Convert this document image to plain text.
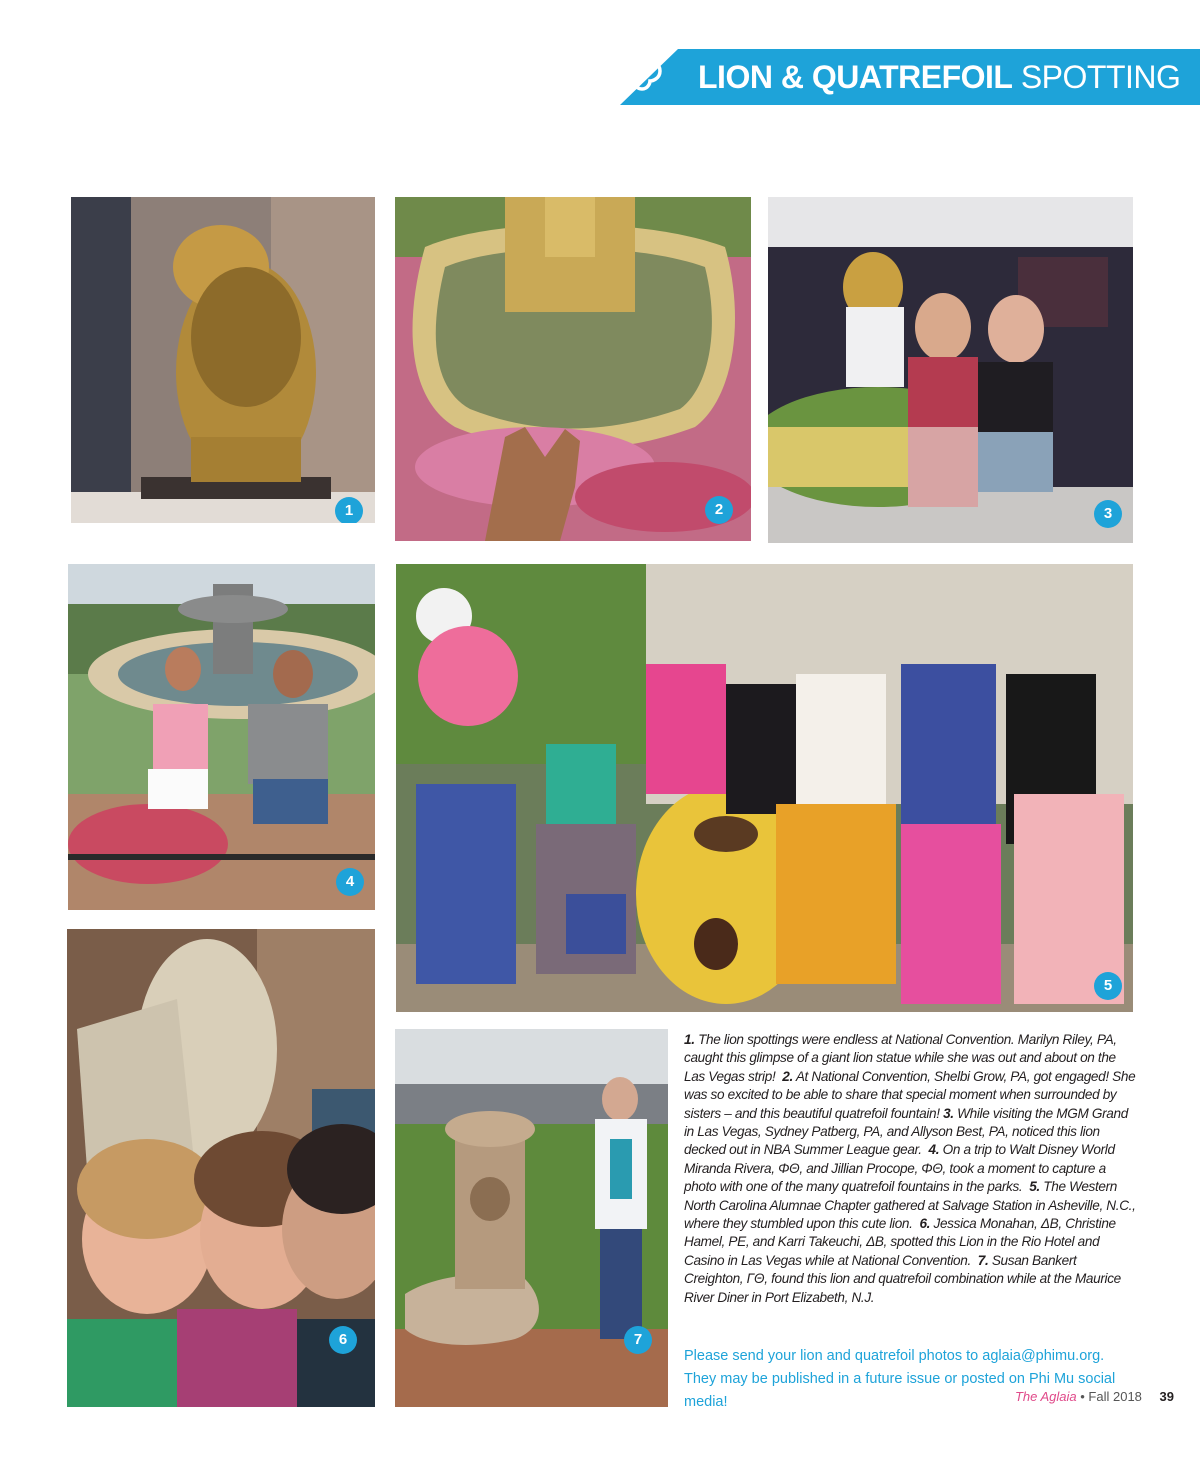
LION & QUATREFOIL SPOTTING
1	2	3
4
5
6	7
1. The lion spottings were endless at National Convention. Marilyn Riley, PA, caught this glimpse of a giant lion statue while she was out and about on the Las Vegas strip! 2. At National Convention, Shelbi Grow, PA, got engaged! She was so excited to be able to share that special moment when surrounded by sisters – and this beautiful quatrefoil fountain! 3. While visiting the MGM Grand in Las Vegas, Sydney Patberg, PA, and Allyson Best, PA, noticed this lion decked out in NBA Summer League gear. 4. On a trip to Walt Disney World Miranda Rivera, ΦΘ, and Jillian Procope, ΦΘ, took a moment to capture a photo with one of the many quatrefoil fountains in the parks. 5. The Western North Carolina Alumnae Chapter gathered at Salvage Station in Asheville, N.C., where they stumbled upon this cute lion. 6. Jessica Monahan, ΔB, Christine Hamel, PE, and Karri Takeuchi, ΔB, spotted this Lion in the Rio Hotel and Casino in Las Vegas while at National Convention. 7. Susan Bankert Creighton, ΓΘ, found this lion and quatrefoil combination while at the Maurice River Diner in Port Elizabeth, N.J.
Please send your lion and quatrefoil photos to aglaia@phimu.org. They may be published in a future issue or posted on Phi Mu social media!	The Aglaia • Fall 2018 39
